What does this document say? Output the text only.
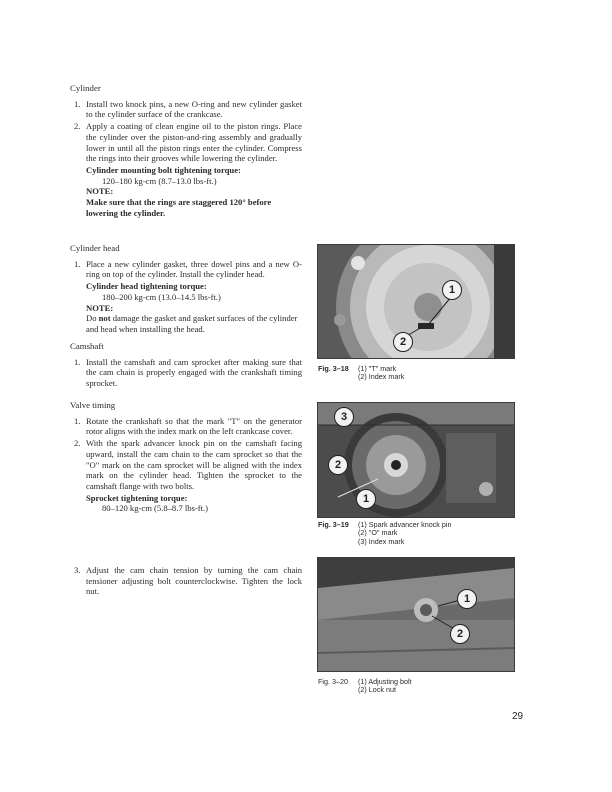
Cylinder
1. Install two knock pins, a new O-ring and new cylinder gasket to the cylinder surface of the crankcase.
2. Apply a coating of clean engine oil to the piston rings. Place the cylinder over the piston-and-ring assembly and gradually lower in until all the piston rings enter the cylinder. Compress the rings into their grooves while lowering the cylinder.
Cylinder mounting bolt tightening torque:
120–180 kg-cm (8.7–13.0 lbs-ft.)
NOTE:
Make sure that the rings are staggered 120° before lowering the cylinder.
Cylinder head
1. Place a new cylinder gasket, three dowel pins and a new O-ring on top of the cylinder. Install the cylinder head.
Cylinder head tightening torque:
180–200 kg-cm (13.0–14.5 lbs-ft.)
NOTE:
Do not damage the gasket and gasket surfaces of the cylinder and head when installing the head.
Camshaft
1. Install the camshaft and cam sprocket after making sure that the cam chain is properly engaged with the crankshaft timing sprocket.
Valve timing
1. Rotate the crankshaft so that the mark "T" on the generator rotor aligns with the index mark on the left crankcase cover.
2. With the spark advancer knock pin on the camshaft facing upward, install the cam chain to the cam sprocket so that the "O" mark on the cam sprocket will be aligned with the index mark on the cylinder head. Tighten the sprocket to the camshaft flange with two bolts.
Sprocket tightening torque:
80–120 kg-cm (5.8–8.7 lbs-ft.)
3. Adjust the cam chain tension by turning the cam chain tensioner adjusting bolt counterclockwise. Tighten the lock nut.
1
2
Fig. 3–18	(1) "T" mark
(2) Index mark
3
2
1
Fig. 3–19	(1) Spark advancer knock pin
(2) "O" mark
(3) Index mark
1
2
Fig. 3–20	(1) Adjusting bolt
(2) Lock nut
29
